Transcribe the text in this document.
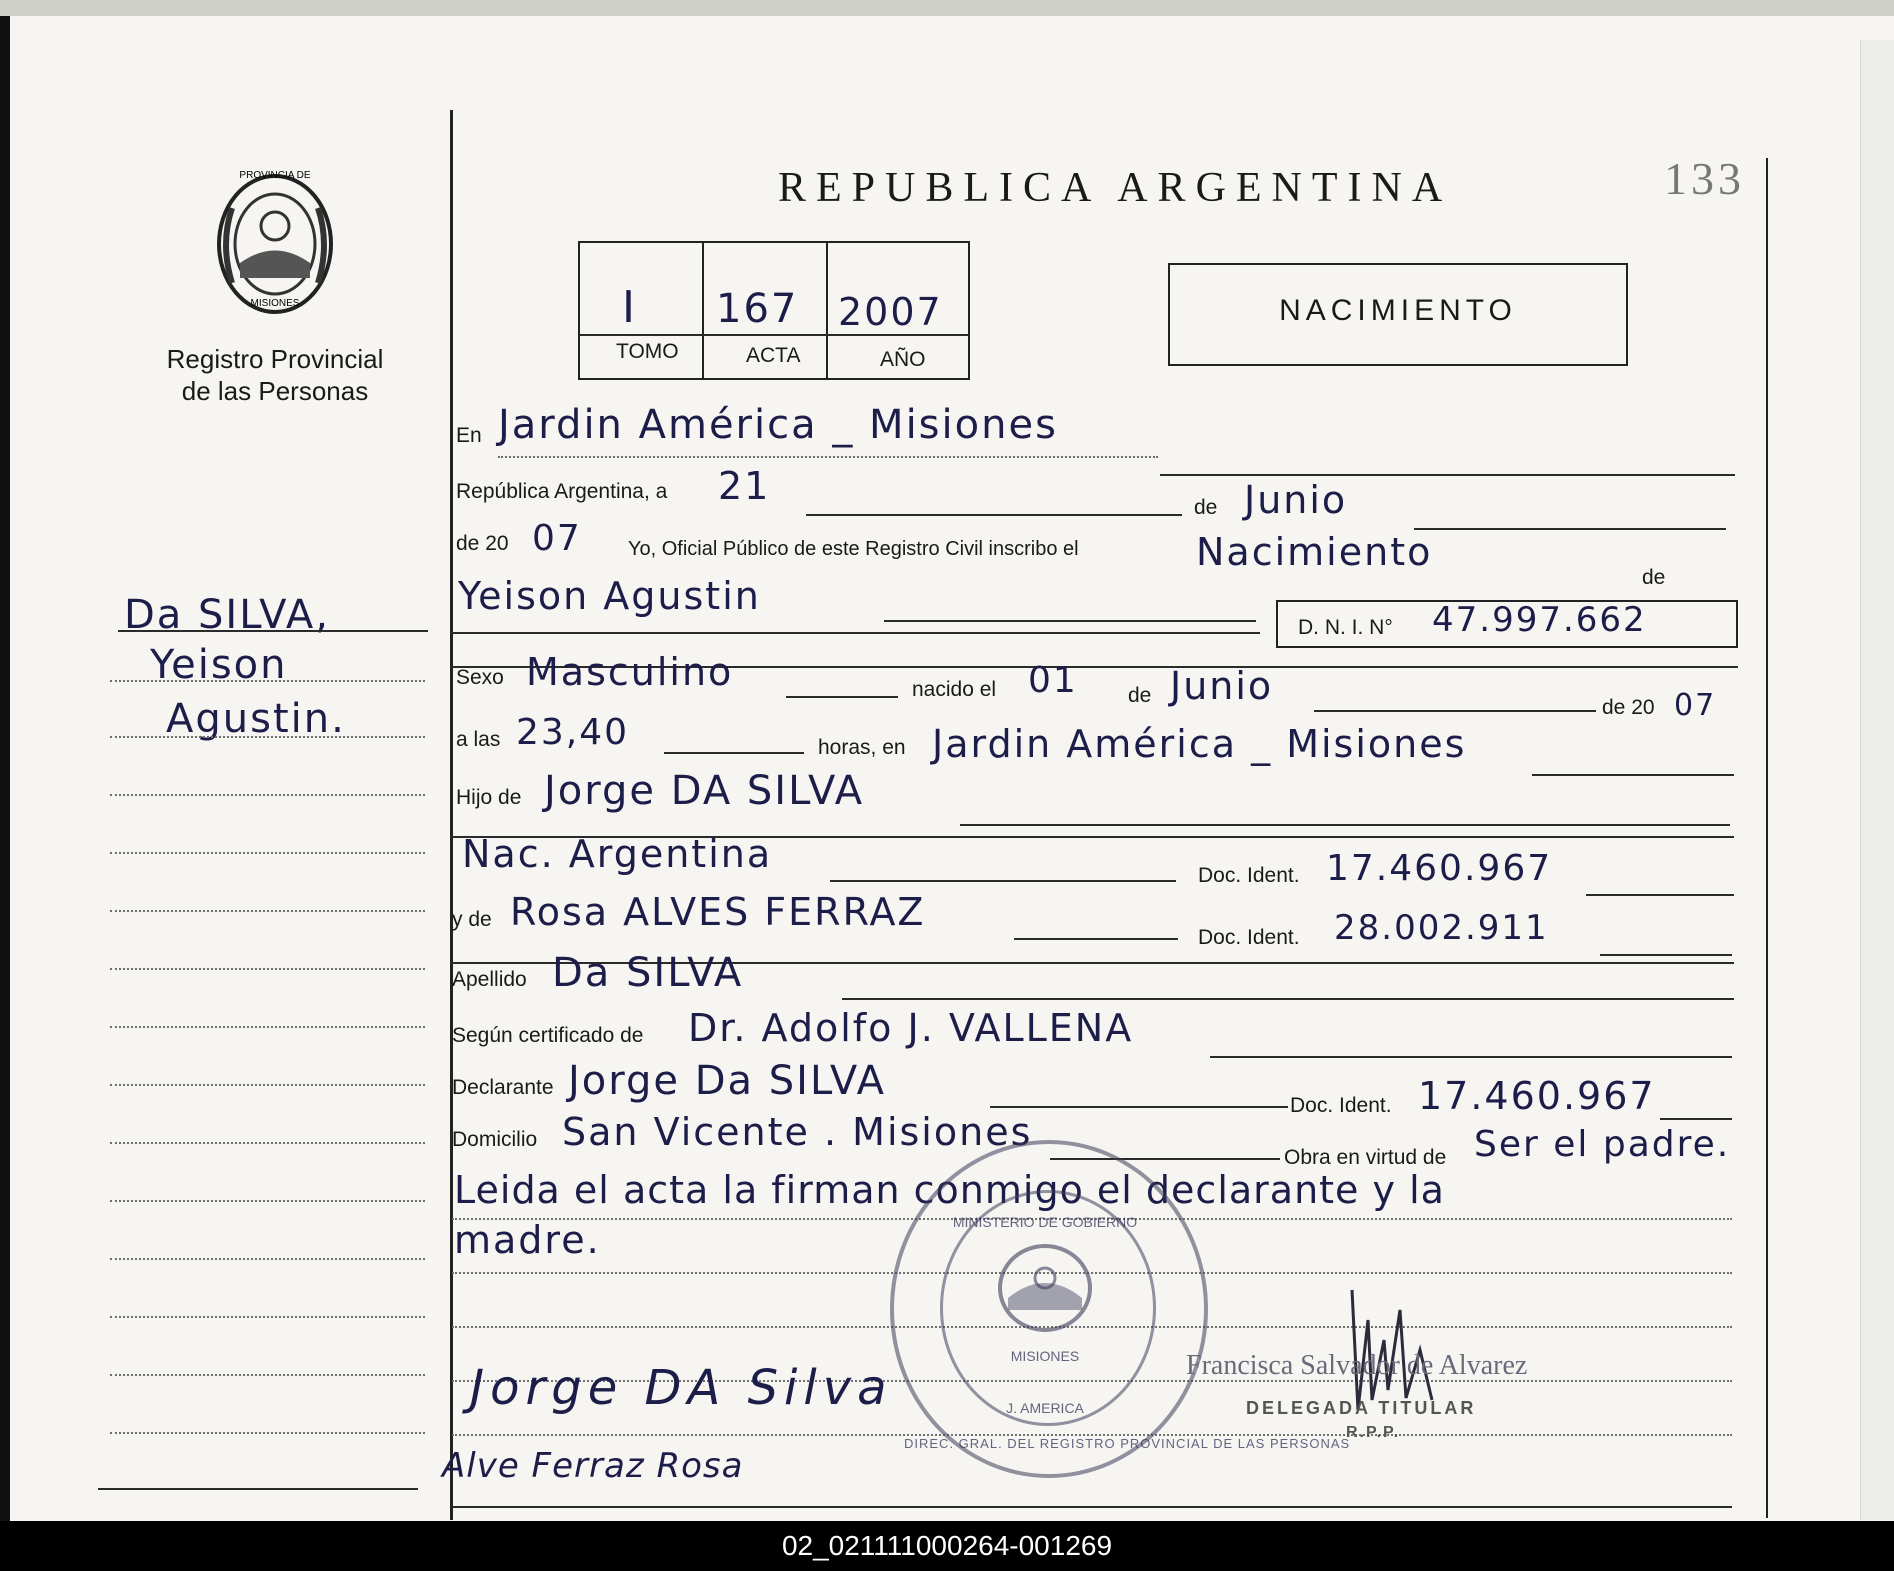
PROVINCIA DE
MISIONES
Registro Provincial
de las Personas
REPUBLICA ARGENTINA	133
I 167 2007
TOMO	ACTA	AÑO
NACIMIENTO
Da SILVA,
Yeison
Agustin.
En Jardin América _ Misiones
República Argentina, a 21	de Junio
de 20 07 Yo, Oficial Público de este Registro Civil inscribo el	Nacimiento
de
Yeison Agustin
D. N. I. N° 47.997.662
Sexo Masculino	nacido el 01 de Junio	de 20 07
a las 23,40	horas, en Jardin América _ Misiones
Hijo de Jorge DA SILVA
Nac. Argentina	Doc. Ident. 17.460.967
y de Rosa ALVES FERRAZ
Doc. Ident. 28.002.911
Apellido Da SILVA
Según certificado de Dr. Adolfo J. VALLENA
Declarante Jorge Da SILVA
Doc. Ident. 17.460.967
Domicilio San Vicente . Misiones
Obra en virtud de Ser el padre.
Leida el acta la firman conmigo el declarante y la
madre.	MINISTERIO DE GOBIERNO
MISIONES
DIREC. GRAL. DEL REGISTRO PROVINCIAL DE LAS PERSONAS
J. AMERICA
Jorge DA Silva
Alve Ferraz Rosa
Francisca Salvador de Alvarez
DELEGADA TITULAR
R.P.P.
02_021111000264-001269
